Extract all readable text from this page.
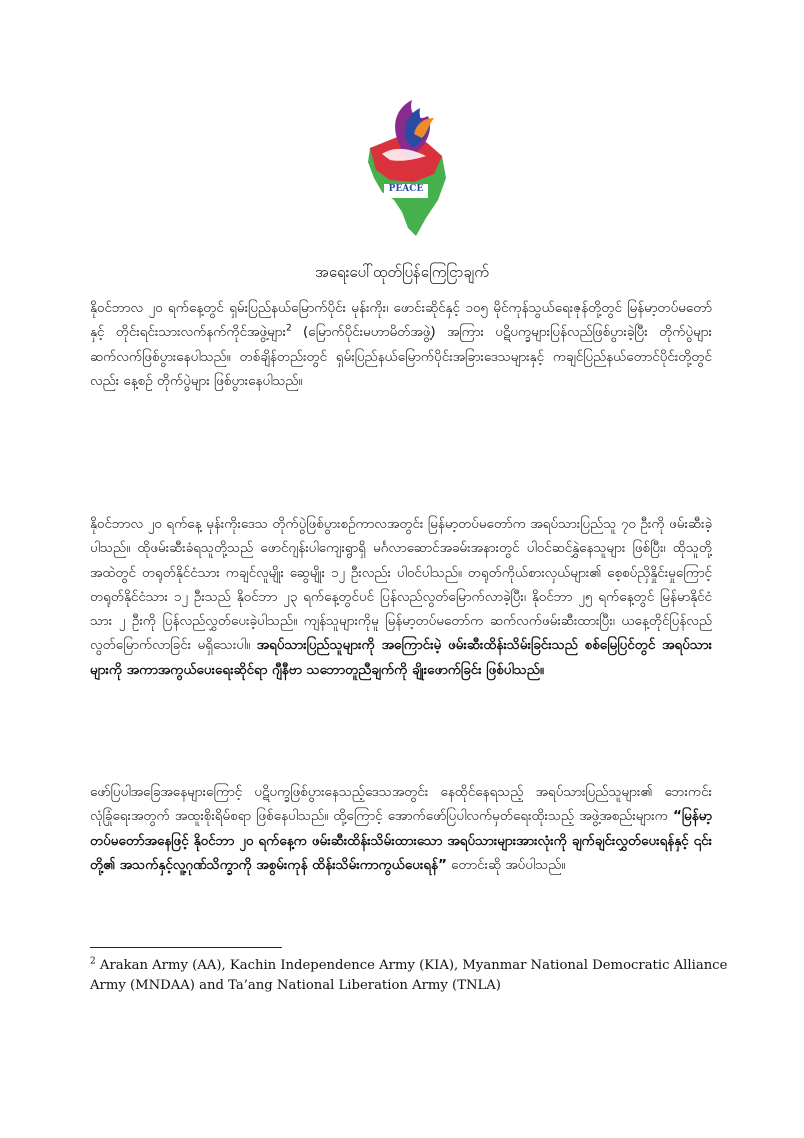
PEACE
အရေးပေါ်ထုတ်ပြန်ကြေငြာချက်

နိုဝင်ဘာလ ၂၀ ရက်နေ့တွင် ရှမ်းပြည်နယ်မြောက်ပိုင်း မုန်းကိုး၊ ဖောင်းဆိုင်နှင့် ၁၀၅ မိုင်ကုန်သွယ်ရေးဇုန်တို့တွင် မြန်မာ့တပ်မတော်နှင့် တိုင်းရင်းသားလက်နက်ကိုင်အဖွဲ့များ$^2$ (မြောက်ပိုင်းမဟာမိတ်အဖွဲ့) အကြား ပဋိပက္ခများပြန်လည်ဖြစ်ပွားခဲ့ပြီး တိုက်ပွဲများ ဆက်လက်ဖြစ်ပွားနေပါသည်။ တစ်ချိန်တည်းတွင် ရှမ်းပြည်နယ်မြောက်ပိုင်းအခြားဒေသများနှင့် ကချင်ပြည်နယ်တောင်ပိုင်းတို့တွင်လည်း နေ့စဉ် တိုက်ပွဲများ ဖြစ်ပွားနေပါသည်။

နိုဝင်ဘာလ ၂၀ ရက်နေ့ မုန်းကိုးဒေသ တိုက်ပွဲဖြစ်ပွားစဉ်ကာလအတွင်း မြန်မာ့တပ်မတော်က အရပ်သားပြည်သူ ၇၀ ဦးကို ဖမ်းဆီးခဲ့ပါသည်။ ထိုဖမ်းဆီးခံရသူတို့သည် ဖောင်ဂျန်းပါကျေးရွာရှိ မင်္ဂလာဆောင်အခမ်းအနားတွင် ပါဝင်ဆင်နွှဲနေသူများ ဖြစ်ပြီး၊ ထိုသူတို့အထဲတွင် တရုတ်နိုင်ငံသား ကချင်လူမျိုး ဆွေမျိုး ၁၂ ဦးလည်း ပါဝင်ပါသည်။ တရုတ်ကိုယ်စားလှယ်များ၏ စေ့စပ်ညှိနှိုင်းမှုကြောင့် တရုတ်နိုင်ငံသား ၁၂ ဦးသည် နိုဝင်ဘာ ၂၃ ရက်နေ့တွင်ပင် ပြန်လည်လွတ်မြောက်လာခဲ့ပြီး၊ နိုဝင်ဘာ ၂၅ ရက်နေ့တွင် မြန်မာနိုင်ငံသား ၂ ဦးကို ပြန်လည်လွှတ်ပေးခဲ့ပါသည်။ ကျန်သူများကိုမူ မြန်မာ့တပ်မတော်က ဆက်လက်ဖမ်းဆီးထားပြီး၊ ယနေ့တိုင်ပြန်လည်လွတ်မြောက်လာခြင်း မရှိသေးပါ။ အရပ်သားပြည်သူများကို အကြောင်းမဲ့ ဖမ်းဆီးထိန်းသိမ်းခြင်းသည် စစ်မြေပြင်တွင် အရပ်သားများကို အကာအကွယ်ပေးရေးဆိုင်ရာ ဂျီနီဗာ သဘောတူညီချက်ကို ချိုးဖောက်ခြင်း ဖြစ်ပါသည်။

ဖော်ပြပါအခြေအနေများကြောင့် ပဋိပက္ခဖြစ်ပွားနေသည့်ဒေသအတွင်း နေထိုင်နေရသည့် အရပ်သားပြည်သူများ၏ ဘေးကင်းလုံခြုံရေးအတွက် အထူးစိုးရိမ်စရာ ဖြစ်နေပါသည်။ ထို့ကြောင့် အောက်ဖော်ပြပါလက်မှတ်ရေးထိုးသည့် အဖွဲ့အစည်းများက “မြန်မာ့တပ်မတော်အနေဖြင့် နိုဝင်ဘာ ၂၀ ရက်နေ့က ဖမ်းဆီးထိန်းသိမ်းထားသော အရပ်သားများအားလုံးကို ချက်ချင်းလွှတ်ပေးရန်နှင့် ၎င်းတို့၏ အသက်နှင့်လူ့ဂုဏ်သိက္ခာကို အစွမ်းကုန် ထိန်းသိမ်းကာကွယ်ပေးရန်” တောင်းဆို အပ်ပါသည်။

$^2$ Arakan Army (AA), Kachin Independence Army (KIA), Myanmar National Democratic Alliance Army (MNDAA) and Ta’ang National Liberation Army (TNLA)
